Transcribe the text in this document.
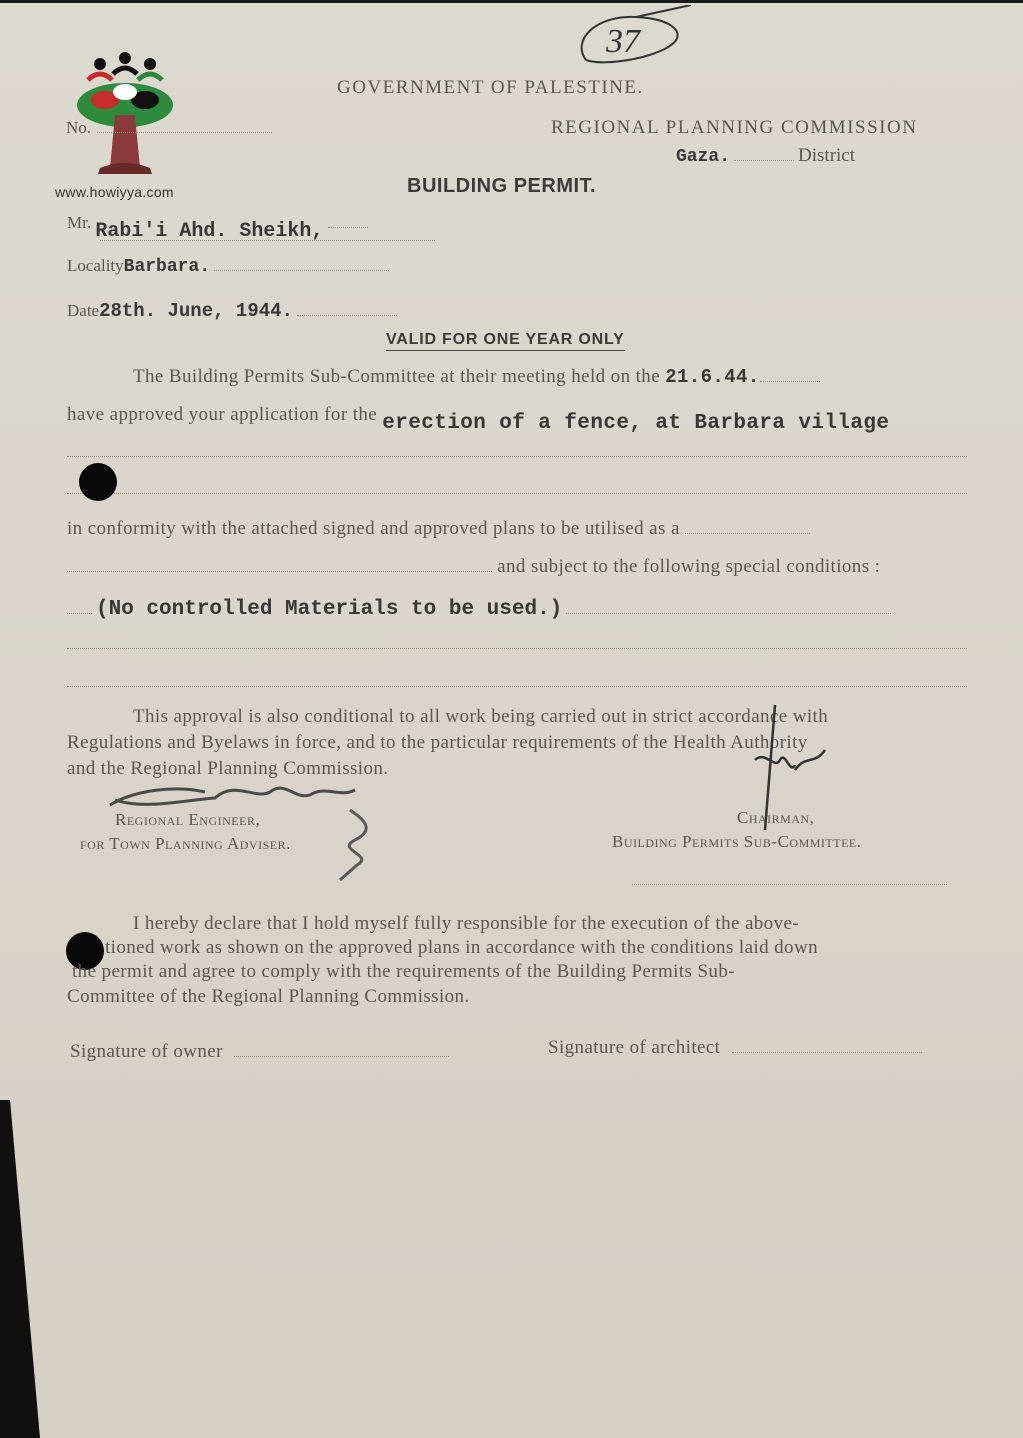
www.howiyya.com
37
GOVERNMENT OF PALESTINE.
No.	REGIONAL PLANNING COMMISSION
Gaza.	District
BUILDING PERMIT.
Mr. Rabi'i Ahd. Sheikh,
LocalityBarbara.
Date28th. June, 1944.
VALID FOR ONE YEAR ONLY
The Building Permits Sub-Committee at their meeting held on the 21.6.44.
have approved your application for the erection of a fence, at Barbara village
in conformity with the attached signed and approved plans to be utilised as a
and subject to the following special conditions :
(No controlled Materials to be used.)
This approval is also conditional to all work being carried out in strict accordance with
Regulations and Byelaws in force, and to the particular requirements of the Health Authority
and the Regional Planning Commission.
Regional Engineer,
for Town Planning Adviser.
Chairman,
Building Permits Sub-Committee.
I hereby declare that I hold myself fully responsible for the execution of the above-
tioned work as shown on the approved plans in accordance with the conditions laid down
the permit and agree to comply with the requirements of the Building Permits Sub-
Committee of the Regional Planning Commission.
Signature of owner	Signature of architect
